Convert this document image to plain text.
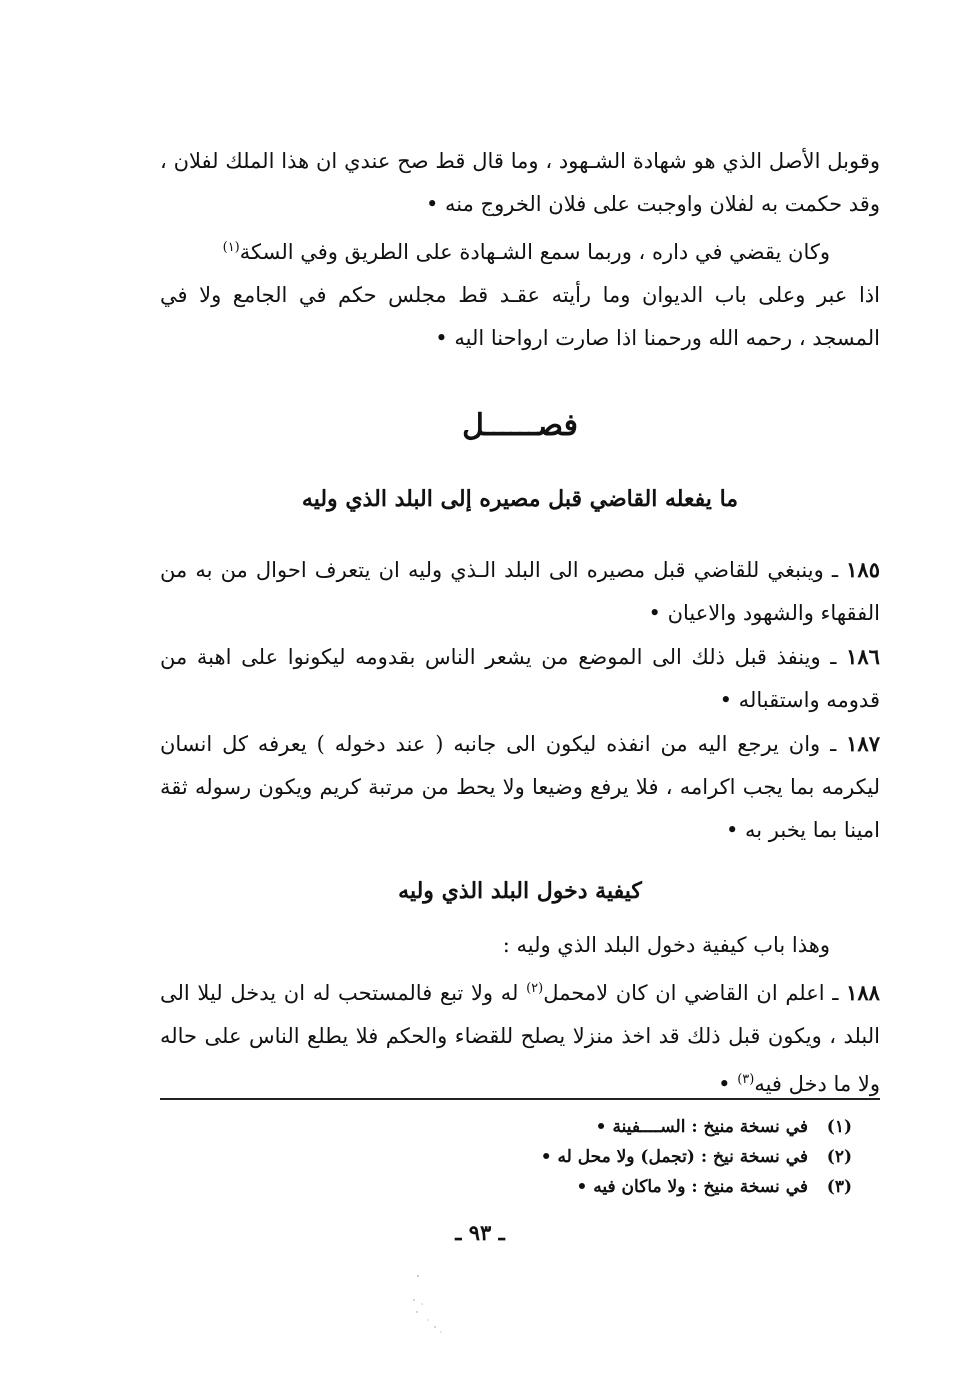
وقوبل الأصل الذي هو شهادة الشـهود ، وما قال قط صح عندي ان هذا الملك لفلان ، وقد حكمت به لفلان واوجبت على فلان الخروج منه •

وكان يقضي في داره ، وربما سمع الشـهادة على الطريق وفي السكة$^{(١)}$

اذا عبر وعلى باب الديوان وما رأيته عقـد قط مجلس حكم في الجامع ولا في المسجد ، رحمه الله ورحمنا اذا صارت ارواحنا اليه •

فصــــــل
ما يفعله القاضي قبل مصيره إلى البلد الذي وليه

١٨٥ ـ وينبغي للقاضي قبل مصيره الى البلد الـذي وليه ان يتعرف احوال من به من الفقهاء والشهود والاعيان •

١٨٦ ـ وينفذ قبل ذلك الى الموضع من يشعر الناس بقدومه ليكونوا على اهبة من قدومه واستقباله •

١٨٧ ـ وان يرجع اليه من انفذه ليكون الى جانبه ( عند دخوله ) يعرفه كل انسان ليكرمه بما يجب اكرامه ، فلا يرفع وضيعا ولا يحط من مرتبة كريم ويكون رسوله ثقة امينا بما يخبر به •

كيفية دخول البلد الذي وليه

وهذا باب كيفية دخول البلد الذي وليه :

١٨٨ ـ اعلم ان القاضي ان كان لامحمل$^{(٢)}$ له ولا تبع فالمستحب له ان يدخل ليلا الى البلد ، ويكون قبل ذلك قد اخذ منزلا يصلح للقضاء والحكم فلا يطلع الناس على حاله ولا ما دخل فيه$^{(٣)}$ •

(١)
في نسخة منيخ : الســــفينة •
(٢)
في نسخة نيخ : (تجمل) ولا محل له •
(٣)
في نسخة منيخ : ولا ماكان فيه •
ـ ٩٣ ـ
